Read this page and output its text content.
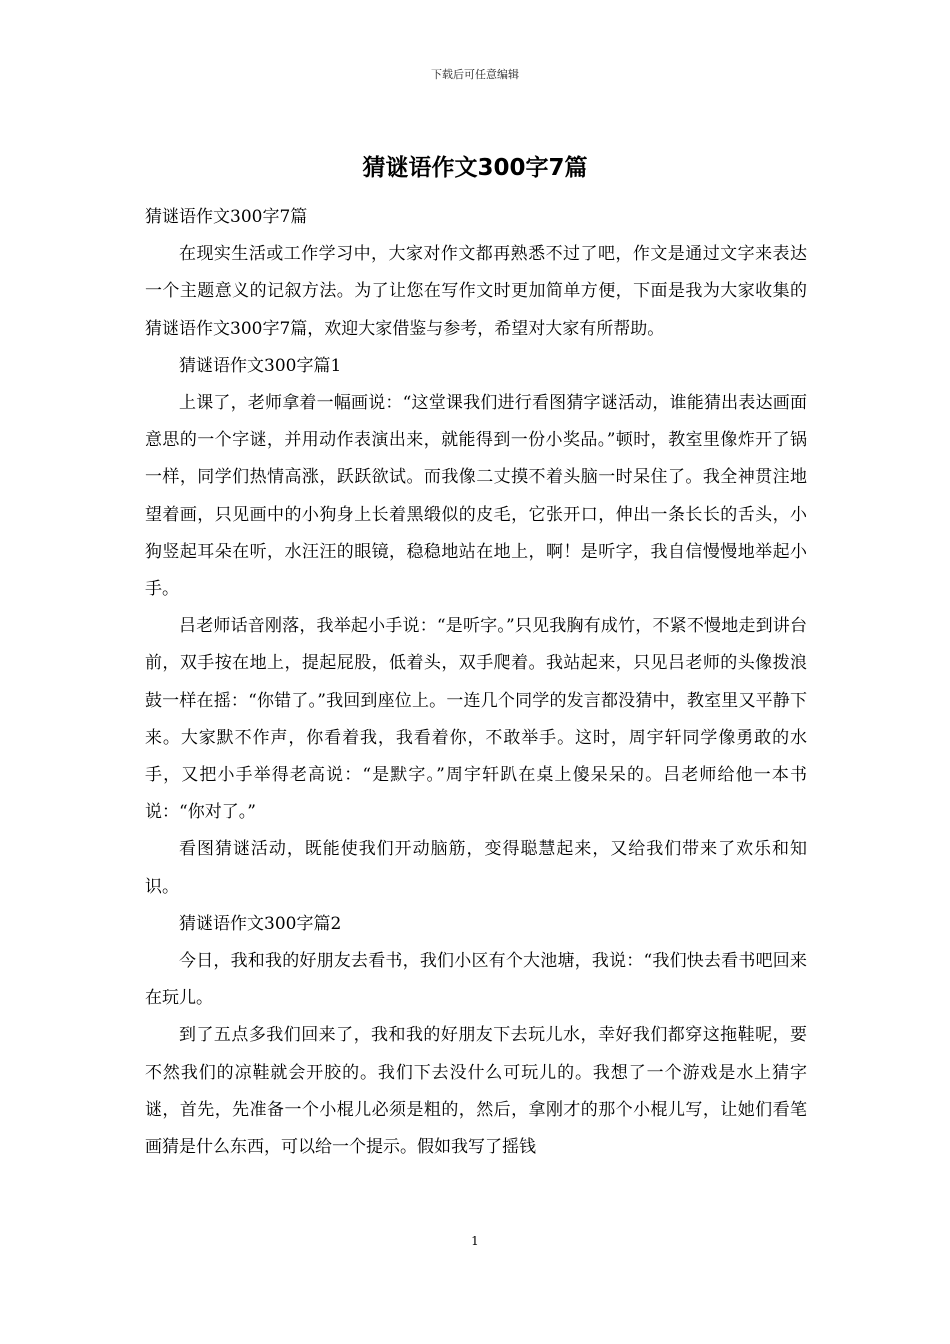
下载后可任意编辑
猜谜语作文300字7篇

猜谜语作文300字7篇

在现实生活或工作学习中，大家对作文都再熟悉不过了吧，作文是通过文字来表达一个主题意义的记叙方法。为了让您在写作文时更加简单方便，下面是我为大家收集的猜谜语作文300字7篇，欢迎大家借鉴与参考，希望对大家有所帮助。

猜谜语作文300字篇1

上课了，老师拿着一幅画说：“这堂课我们进行看图猜字谜活动，谁能猜出表达画面意思的一个字谜，并用动作表演出来，就能得到一份小奖品。”顿时，教室里像炸开了锅一样，同学们热情高涨，跃跃欲试。而我像二丈摸不着头脑一时呆住了。我全神贯注地望着画，只见画中的小狗身上长着黑缎似的皮毛，它张开口，伸出一条长长的舌头，小狗竖起耳朵在听，水汪汪的眼镜，稳稳地站在地上，啊！是听字，我自信慢慢地举起小手。

吕老师话音刚落，我举起小手说：“是听字。”只见我胸有成竹，不紧不慢地走到讲台前，双手按在地上，提起屁股，低着头，双手爬着。我站起来，只见吕老师的头像拨浪鼓一样在摇：“你错了。”我回到座位上。一连几个同学的发言都没猜中，教室里又平静下来。大家默不作声，你看着我，我看着你，不敢举手。这时，周宇轩同学像勇敢的水手，又把小手举得老高说：“是默字。”周宇轩趴在桌上傻呆呆的。吕老师给他一本书说：“你对了。”

看图猜谜活动，既能使我们开动脑筋，变得聪慧起来，又给我们带来了欢乐和知识。

猜谜语作文300字篇2

今日，我和我的好朋友去看书，我们小区有个大池塘，我说：“我们快去看书吧回来在玩儿。

到了五点多我们回来了，我和我的好朋友下去玩儿水，幸好我们都穿这拖鞋呢，要不然我们的凉鞋就会开胶的。我们下去没什么可玩儿的。我想了一个游戏是水上猜字谜，首先，先准备一个小棍儿必须是粗的，然后，拿刚才的那个小棍儿写，让她们看笔画猜是什么东西，可以给一个提示。假如我写了摇钱

1
